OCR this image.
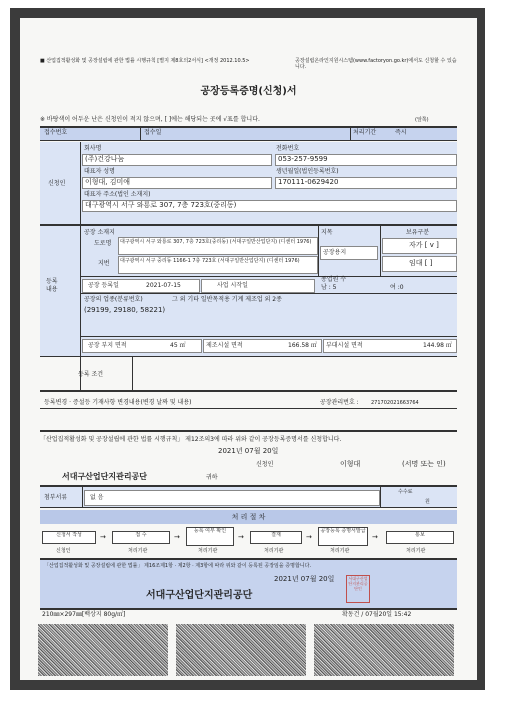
■ 산업집적활성화 및 공장설립에 관한 법률 시행규칙 [별지 제8호의2서식] <개정 2012.10.5>	공장설립온라인지원시스템(www.factoryon.go.kr)에서도 신청할 수 있습니다.
공장등록증명(신청)서
※ 바탕색이 어두운 난은 신청인이 적지 않으며, [ ]에는 해당되는 곳에 √표를 합니다.	(앞쪽)
접수번호	접수일	처리기간	즉시
신청인
회사명	전화번호
(주)건강나눔	053-257-9599
대표자 성명	생년월일(법인등록번호)
이형대, 김미애	170111-0629420
대표자 주소(법인 소재지)
대구광역시 서구 와룡로 307, 7층 723호(중리동)
등록
내용
공장 소재지
도로명 대구광역시 서구 와룡로 307, 7층 723호(중리동) (서대구일반산업단지) (디센터 1976)
지번 대구광역시 서구 중리동 1166-1 7층 723호 (서대구일반산업단지) (디센터 1976)
지목
공장용지
보유구분
자가 [ v ]
임대 [ ]
공장 등록일	2021-07-15	사업 시작일
종업원 수
남 : 5	여 :0
공장의 업종(분류번호)	그 외 기타 일반목적용 기계 제조업 외 2종
(29199, 29180, 58221)
공장 부지 면적	45 ㎡	제조시설 면적	166.58 ㎡ 부대시설 면적	144.98 ㎡
등록 조건
등록변경 · 증설등 기재사항 변경내용(변경 날짜 및 내용)	공장관리번호 : 271702021663764
「산업집적활성화 및 공장설립에 관한 법률 시행규칙」 제12조의3에 따라 위와 같이 공장등록증명서를 신청합니다.
2021년 07월 20일
신청인	이형대	(서명 또는 인)
서대구산업단지관리공단	귀하
첨부서류	없 음
수수료
원
처 리 절 차
신청서 작성	→	접 수	→
등록 여부 확인
→	결재	→
공장등록 증명서발급
→	통보
신청인	처리기관	처리기관	처리기관	처리기관	처리기관
「산업집적활성화 및 공장설립에 관한 법률」 제16조제1항 · 제2항 · 제3항에 따라 위와 같이 등록된 공장임을 증명합니다.
2021년 07월 20일
서대구산업단지관리공단
서대구산업단지관리공단인
210㎜×297㎜[백상지 80g/㎡]	확동건 / 07월20일 15:42
